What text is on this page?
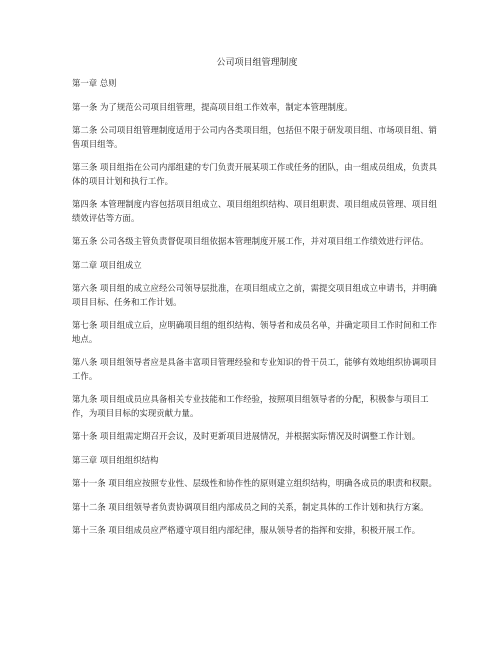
公司项目组管理制度
第一章 总则
第一条 为了规范公司项目组管理，提高项目组工作效率，制定本管理制度。
第二条 公司项目组管理制度适用于公司内各类项目组，包括但不限于研发项目组、市场项目组、销售项目组等。
第三条 项目组指在公司内部组建的专门负责开展某项工作或任务的团队，由一组成员组成，负责具体的项目计划和执行工作。
第四条 本管理制度内容包括项目组成立、项目组组织结构、项目组职责、项目组成员管理、项目组绩效评估等方面。
第五条 公司各级主管负责督促项目组依据本管理制度开展工作，并对项目组工作绩效进行评估。
第二章 项目组成立
第六条 项目组的成立应经公司领导层批准，在项目组成立之前，需提交项目组成立申请书，并明确项目目标、任务和工作计划。
第七条 项目组成立后，应明确项目组的组织结构、领导者和成员名单，并确定项目工作时间和工作地点。
第八条 项目组领导者应是具备丰富项目管理经验和专业知识的骨干员工，能够有效地组织协调项目工作。
第九条 项目组成员应具备相关专业技能和工作经验，按照项目组领导者的分配，积极参与项目工作，为项目目标的实现贡献力量。
第十条 项目组需定期召开会议，及时更新项目进展情况，并根据实际情况及时调整工作计划。
第三章 项目组组织结构
第十一条 项目组应按照专业性、层级性和协作性的原则建立组织结构，明确各成员的职责和权限。
第十二条 项目组领导者负责协调项目组内部成员之间的关系，制定具体的工作计划和执行方案。
第十三条 项目组成员应严格遵守项目组内部纪律，服从领导者的指挥和安排，积极开展工作。
